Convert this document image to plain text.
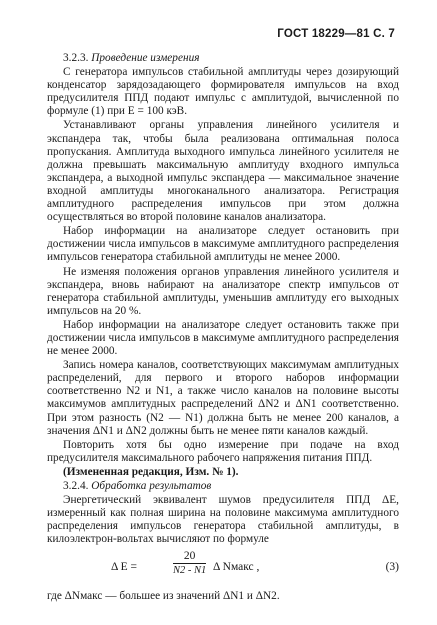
ГОСТ 18229—81 С. 7

3.2.3. Проведение измерения

С генератора импульсов стабильной амплитуды через дозирующий конденсатор зарядозадающего формирователя импульсов на вход предусилителя ППД подают импульс с амплитудой, вычисленной по формуле (1) при E = 100 кэВ.

Устанавливают органы управления линейного усилителя и экспандера так, чтобы была реализована оптимальная полоса пропускания. Амплитуда выходного импульса линейного усилителя не должна превышать максимальную амплитуду входного импульса экспандера, а выходной импульс экспандера — максимальное значение входной амплитуды многоканального анализатора. Регистрация амплитудного распределения импульсов при этом должна осуществляться во второй половине каналов анализатора.

Набор информации на анализаторе следует остановить при достижении числа импульсов в максимуме амплитудного распределения импульсов генератора стабильной амплитуды не менее 2000.

Не изменяя положения органов управления линейного усилителя и экспандера, вновь набирают на анализаторе спектр импульсов от генератора стабильной амплитуды, уменьшив амплитуду его выходных импульсов на 20 %.

Набор информации на анализаторе следует остановить также при достижении числа импульсов в максимуме амплитудного распределения не менее 2000.

Запись номера каналов, соответствующих максимумам амплитудных распределений, для первого и второго наборов информации соответственно N2 и N1, а также число каналов на половине высоты максимумов амплитудных распределений ΔN2 и ΔN1 соответственно. При этом разность (N2 — N1) должна быть не менее 200 каналов, а значения ΔN1 и ΔN2 должны быть не менее пяти каналов каждый.

Повторить хотя бы одно измерение при подаче на вход предусилителя максимального рабочего напряжения питания ППД.

(Измененная редакция, Изм. № 1).

3.2.4. Обработка результатов

Энергетический эквивалент шумов предусилителя ППД ΔE, измеренный как полная ширина на половине максимума амплитудного распределения импульсов генератора стабильной амплитуды, в килоэлектрон-вольтах вычисляют по формуле

Δ E =	$\frac{20}{N2 - N1}$ Δ Nмакс ,	(3)

где ΔNмакс — большее из значений ΔN1 и ΔN2.
